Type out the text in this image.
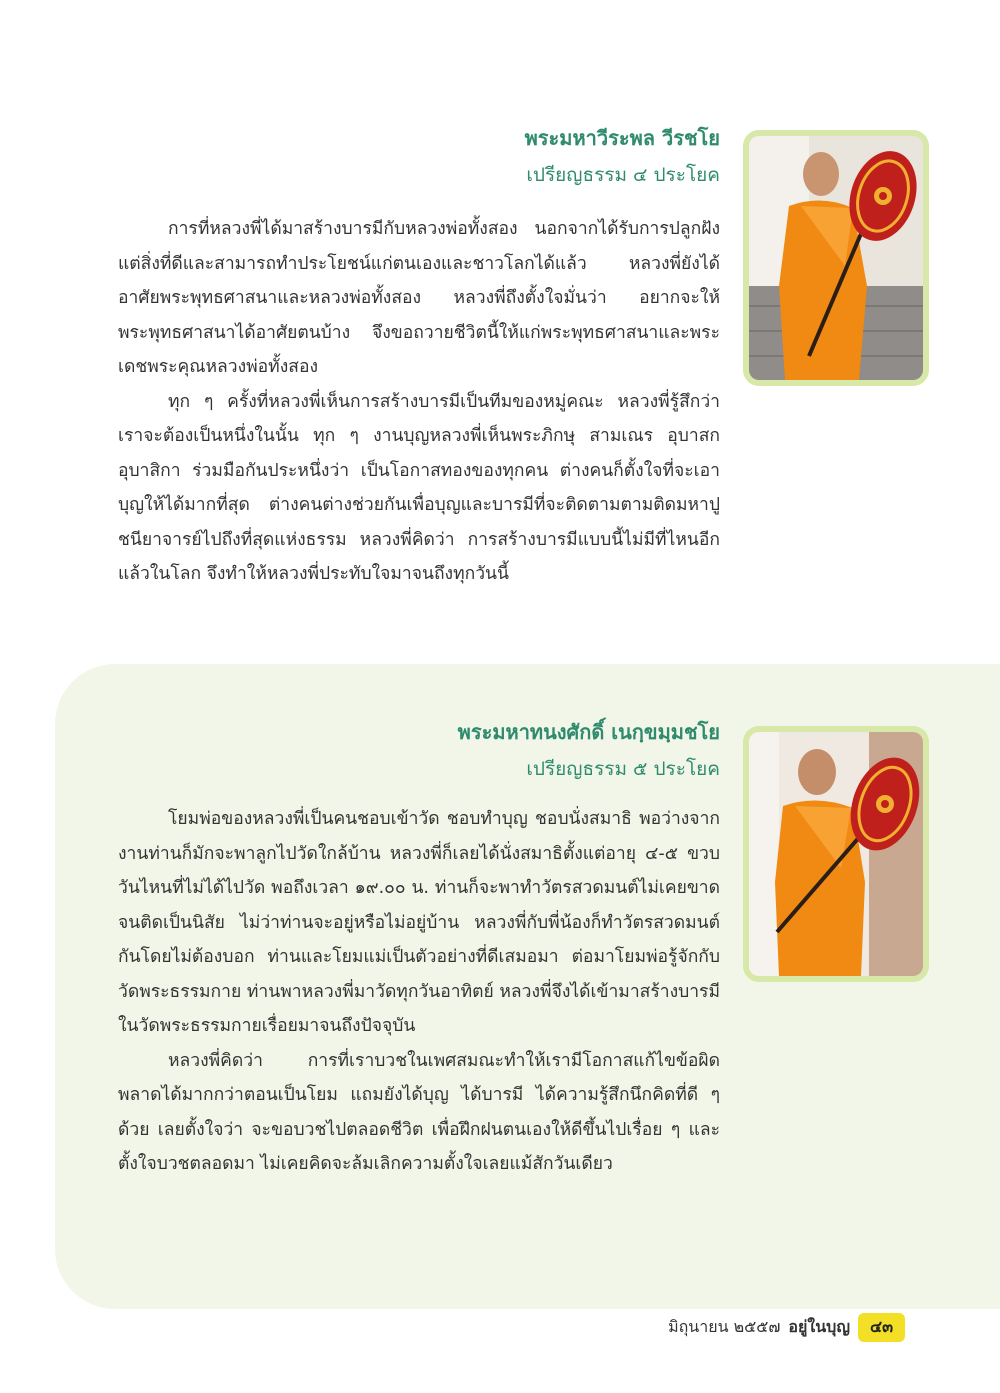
พระมหาวีระพล วีรชโย
เปรียญธรรม ๔ ประโยค

การที่หลวงพี่ได้มาสร้างบารมีกับหลวงพ่อทั้งสอง นอกจากได้รับการปลูกฝังแต่สิ่งที่ดีและสามารถทำประโยชน์แก่ตนเองและชาวโลกได้แล้ว หลวงพี่ยังได้อาศัยพระพุทธศาสนาและหลวงพ่อทั้งสอง หลวงพี่ถึงตั้งใจมั่นว่า อยากจะให้พระพุทธศาสนาได้อาศัยตนบ้าง จึงขอถวายชีวิตนี้ให้แก่พระพุทธศาสนาและพระเดชพระคุณหลวงพ่อทั้งสอง

ทุก ๆ ครั้งที่หลวงพี่เห็นการสร้างบารมีเป็นทีมของหมู่คณะ หลวงพี่รู้สึกว่า เราจะต้องเป็นหนึ่งในนั้น ทุก ๆ งานบุญหลวงพี่เห็นพระภิกษุ สามเณร อุบาสก อุบาสิกา ร่วมมือกันประหนึ่งว่า เป็นโอกาสทองของทุกคน ต่างคนก็ตั้งใจที่จะเอาบุญให้ได้มากที่สุด ต่างคนต่างช่วยกันเพื่อบุญและบารมีที่จะติดตามตามติดมหาปูชนียาจารย์ไปถึงที่สุดแห่งธรรม หลวงพี่คิดว่า การสร้างบารมีแบบนี้ไม่มีที่ไหนอีกแล้วในโลก จึงทำให้หลวงพี่ประทับใจมาจนถึงทุกวันนี้

พระมหาทนงศักดิ์ เนกฺขมฺมชโย
เปรียญธรรม ๕ ประโยค

โยมพ่อของหลวงพี่เป็นคนชอบเข้าวัด ชอบทำบุญ ชอบนั่งสมาธิ พอว่างจากงานท่านก็มักจะพาลูกไปวัดใกล้บ้าน หลวงพี่ก็เลยได้นั่งสมาธิตั้งแต่อายุ ๔-๕ ขวบ วันไหนที่ไม่ได้ไปวัด พอถึงเวลา ๑๙.๐๐ น. ท่านก็จะพาทำวัตรสวดมนต์ไม่เคยขาดจนติดเป็นนิสัย ไม่ว่าท่านจะอยู่หรือไม่อยู่บ้าน หลวงพี่กับพี่น้องก็ทำวัตรสวดมนต์กันโดยไม่ต้องบอก ท่านและโยมแม่เป็นตัวอย่างที่ดีเสมอมา ต่อมาโยมพ่อรู้จักกับวัดพระธรรมกาย ท่านพาหลวงพี่มาวัดทุกวันอาทิตย์ หลวงพี่จึงได้เข้ามาสร้างบารมีในวัดพระธรรมกายเรื่อยมาจนถึงปัจจุบัน

หลวงพี่คิดว่า การที่เราบวชในเพศสมณะทำให้เรามีโอกาสแก้ไขข้อผิดพลาดได้มากกว่าตอนเป็นโยม แถมยังได้บุญ ได้บารมี ได้ความรู้สึกนึกคิดที่ดี ๆ ด้วย เลยตั้งใจว่า จะขอบวชไปตลอดชีวิต เพื่อฝึกฝนตนเองให้ดีขึ้นไปเรื่อย ๆ และตั้งใจบวชตลอดมา ไม่เคยคิดจะล้มเลิกความตั้งใจเลยแม้สักวันเดียว

มิถุนายน ๒๕๕๗ อยู่ในบุญ	๔๓
